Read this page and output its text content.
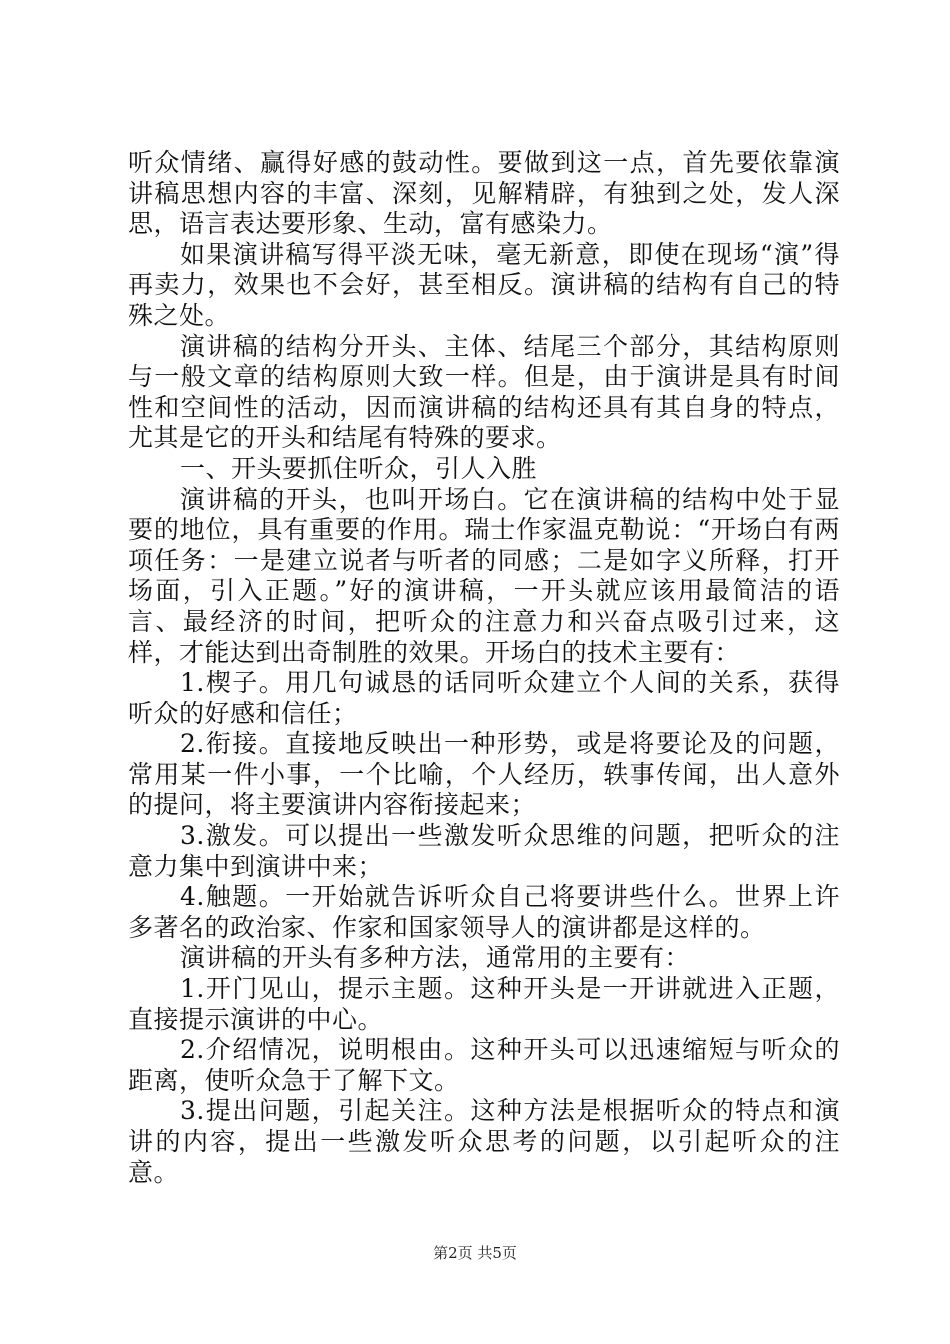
听众情绪、赢得好感的鼓动性。要做到这一点，首先要依靠演讲稿思想内容的丰富、深刻，见解精辟，有独到之处，发人深思，语言表达要形象、生动，富有感染力。

如果演讲稿写得平淡无味，毫无新意，即使在现场“演”得再卖力，效果也不会好，甚至相反。演讲稿的结构有自己的特殊之处。

演讲稿的结构分开头、主体、结尾三个部分，其结构原则与一般文章的结构原则大致一样。但是，由于演讲是具有时间性和空间性的活动，因而演讲稿的结构还具有其自身的特点，尤其是它的开头和结尾有特殊的要求。

一、开头要抓住听众，引人入胜

演讲稿的开头，也叫开场白。它在演讲稿的结构中处于显要的地位，具有重要的作用。瑞士作家温克勒说：“开场白有两项任务：一是建立说者与听者的同感；二是如字义所释，打开场面，引入正题。”好的演讲稿，一开头就应该用最简洁的语言、最经济的时间，把听众的注意力和兴奋点吸引过来，这样，才能达到出奇制胜的效果。开场白的技术主要有：

1.楔子。用几句诚恳的话同听众建立个人间的关系，获得听众的好感和信任；

2.衔接。直接地反映出一种形势，或是将要论及的问题，常用某一件小事，一个比喻，个人经历，轶事传闻，出人意外的提问，将主要演讲内容衔接起来；

3.激发。可以提出一些激发听众思维的问题，把听众的注意力集中到演讲中来；

4.触题。一开始就告诉听众自己将要讲些什么。世界上许多著名的政治家、作家和国家领导人的演讲都是这样的。

演讲稿的开头有多种方法，通常用的主要有：

1.开门见山，提示主题。这种开头是一开讲就进入正题，直接提示演讲的中心。

2.介绍情况，说明根由。这种开头可以迅速缩短与听众的距离，使听众急于了解下文。

3.提出问题，引起关注。这种方法是根据听众的特点和演讲的内容，提出一些激发听众思考的问题，以引起听众的注意。

第2页 共5页
